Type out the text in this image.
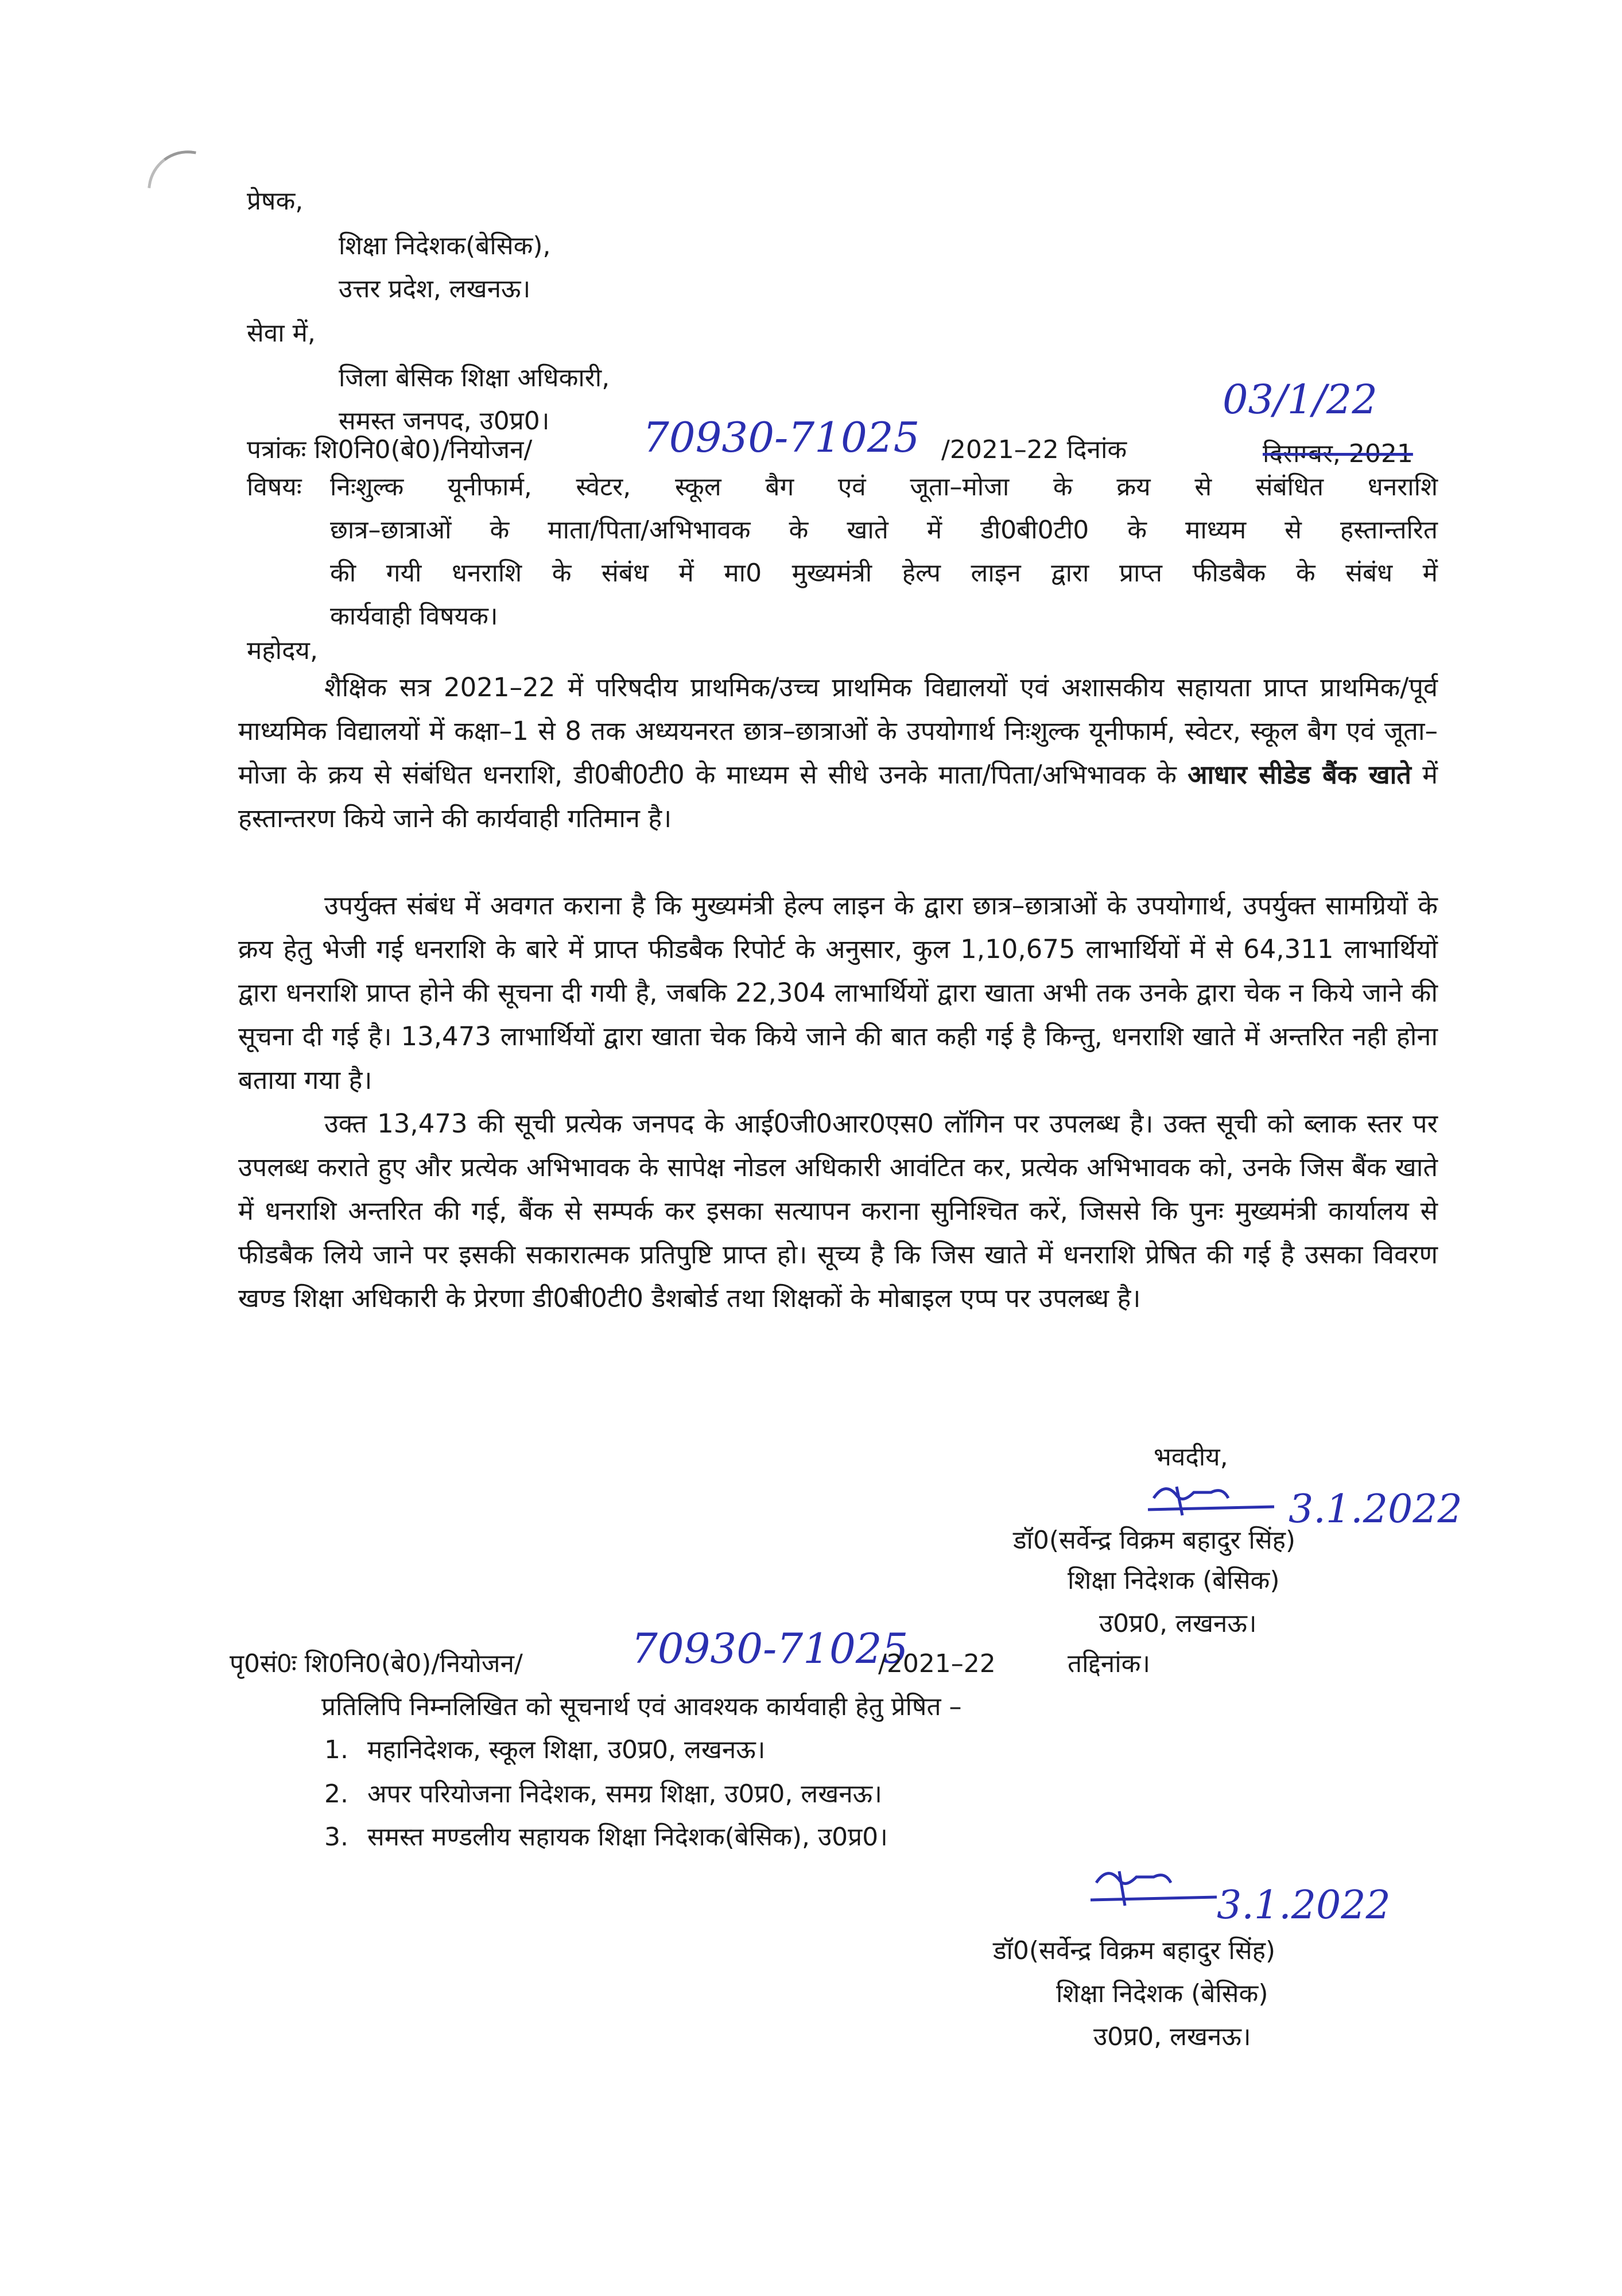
प्रेषक,
शिक्षा निदेशक(बेसिक),
उत्तर प्रदेश, लखनऊ।
सेवा में,
जिला बेसिक शिक्षा अधिकारी,
समस्त जनपद, उ0प्र0।	03/1/22
पत्रांकः शि0नि0(बे0)/नियोजन/	70930-71025 /2021–22 दिनांक	दिसम्बर, 2021
विषयः निःशुल्क यूनीफार्म, स्वेटर, स्कूल बैग एवं जूता–मोजा के क्रय से संबंधित धनराशि
छात्र–छात्राओं के माता/पिता/अभिभावक के खाते में डी0बी0टी0 के माध्यम से हस्तान्तरित
की गयी धनराशि के संबंध में मा0 मुख्यमंत्री हेल्प लाइन द्वारा प्राप्त फीडबैक के संबंध में
कार्यवाही विषयक।
महोदय,
शैक्षिक सत्र 2021–22 में परिषदीय प्राथमिक/उच्च प्राथमिक विद्यालयों एवं अशासकीय सहायता प्राप्त प्राथमिक/पूर्व माध्यमिक विद्यालयों में कक्षा–1 से 8 तक अध्ययनरत छात्र–छात्राओं के उपयोगार्थ निःशुल्क यूनीफार्म, स्वेटर, स्कूल बैग एवं जूता–मोजा के क्रय से संबंधित धनराशि, डी0बी0टी0 के माध्यम से सीधे उनके माता/पिता/अभिभावक के आधार सीडेड बैंक खाते में हस्तान्तरण किये जाने की कार्यवाही गतिमान है।
उपर्युक्त संबंध में अवगत कराना है कि मुख्यमंत्री हेल्प लाइन के द्वारा छात्र–छात्राओं के उपयोगार्थ, उपर्युक्त सामग्रियों के क्रय हेतु भेजी गई धनराशि के बारे में प्राप्त फीडबैक रिपोर्ट के अनुसार, कुल 1,10,675 लाभार्थियों में से 64,311 लाभार्थियों द्वारा धनराशि प्राप्त होने की सूचना दी गयी है, जबकि 22,304 लाभार्थियों द्वारा खाता अभी तक उनके द्वारा चेक न किये जाने की सूचना दी गई है। 13,473 लाभार्थियों द्वारा खाता चेक किये जाने की बात कही गई है किन्तु, धनराशि खाते में अन्तरित नही होना बताया गया है।
उक्त 13,473 की सूची प्रत्येक जनपद के आई0जी0आर0एस0 लॉगिन पर उपलब्ध है। उक्त सूची को ब्लाक स्तर पर उपलब्ध कराते हुए और प्रत्येक अभिभावक के सापेक्ष नोडल अधिकारी आवंटित कर, प्रत्येक अभिभावक को, उनके जिस बैंक खाते में धनराशि अन्तरित की गई, बैंक से सम्पर्क कर इसका सत्यापन कराना सुनिश्चित करें, जिससे कि पुनः मुख्यमंत्री कार्यालय से फीडबैक लिये जाने पर इसकी सकारात्मक प्रतिपुष्टि प्राप्त हो। सूच्य है कि जिस खाते में धनराशि प्रेषित की गई है उसका विवरण खण्ड शिक्षा अधिकारी के प्रेरणा डी0बी0टी0 डैशबोर्ड तथा शिक्षकों के मोबाइल एप्प पर उपलब्ध है।
भवदीय,
3.1.2022
डॉ0(सर्वेन्द्र विक्रम बहादुर सिंह)
शिक्षा निदेशक (बेसिक)
उ0प्र0, लखनऊ।
पृ0सं0ः शि0नि0(बे0)/नियोजन/	70930-71025
/2021–22	तद्दिनांक।
प्रतिलिपि निम्नलिखित को सूचनार्थ एवं आवश्यक कार्यवाही हेतु प्रेषित –
1. महानिदेशक, स्कूल शिक्षा, उ0प्र0, लखनऊ।
2. अपर परियोजना निदेशक, समग्र शिक्षा, उ0प्र0, लखनऊ।
3. समस्त मण्डलीय सहायक शिक्षा निदेशक(बेसिक), उ0प्र0।
3.1.2022
डॉ0(सर्वेन्द्र विक्रम बहादुर सिंह)
शिक्षा निदेशक (बेसिक)
उ0प्र0, लखनऊ।
